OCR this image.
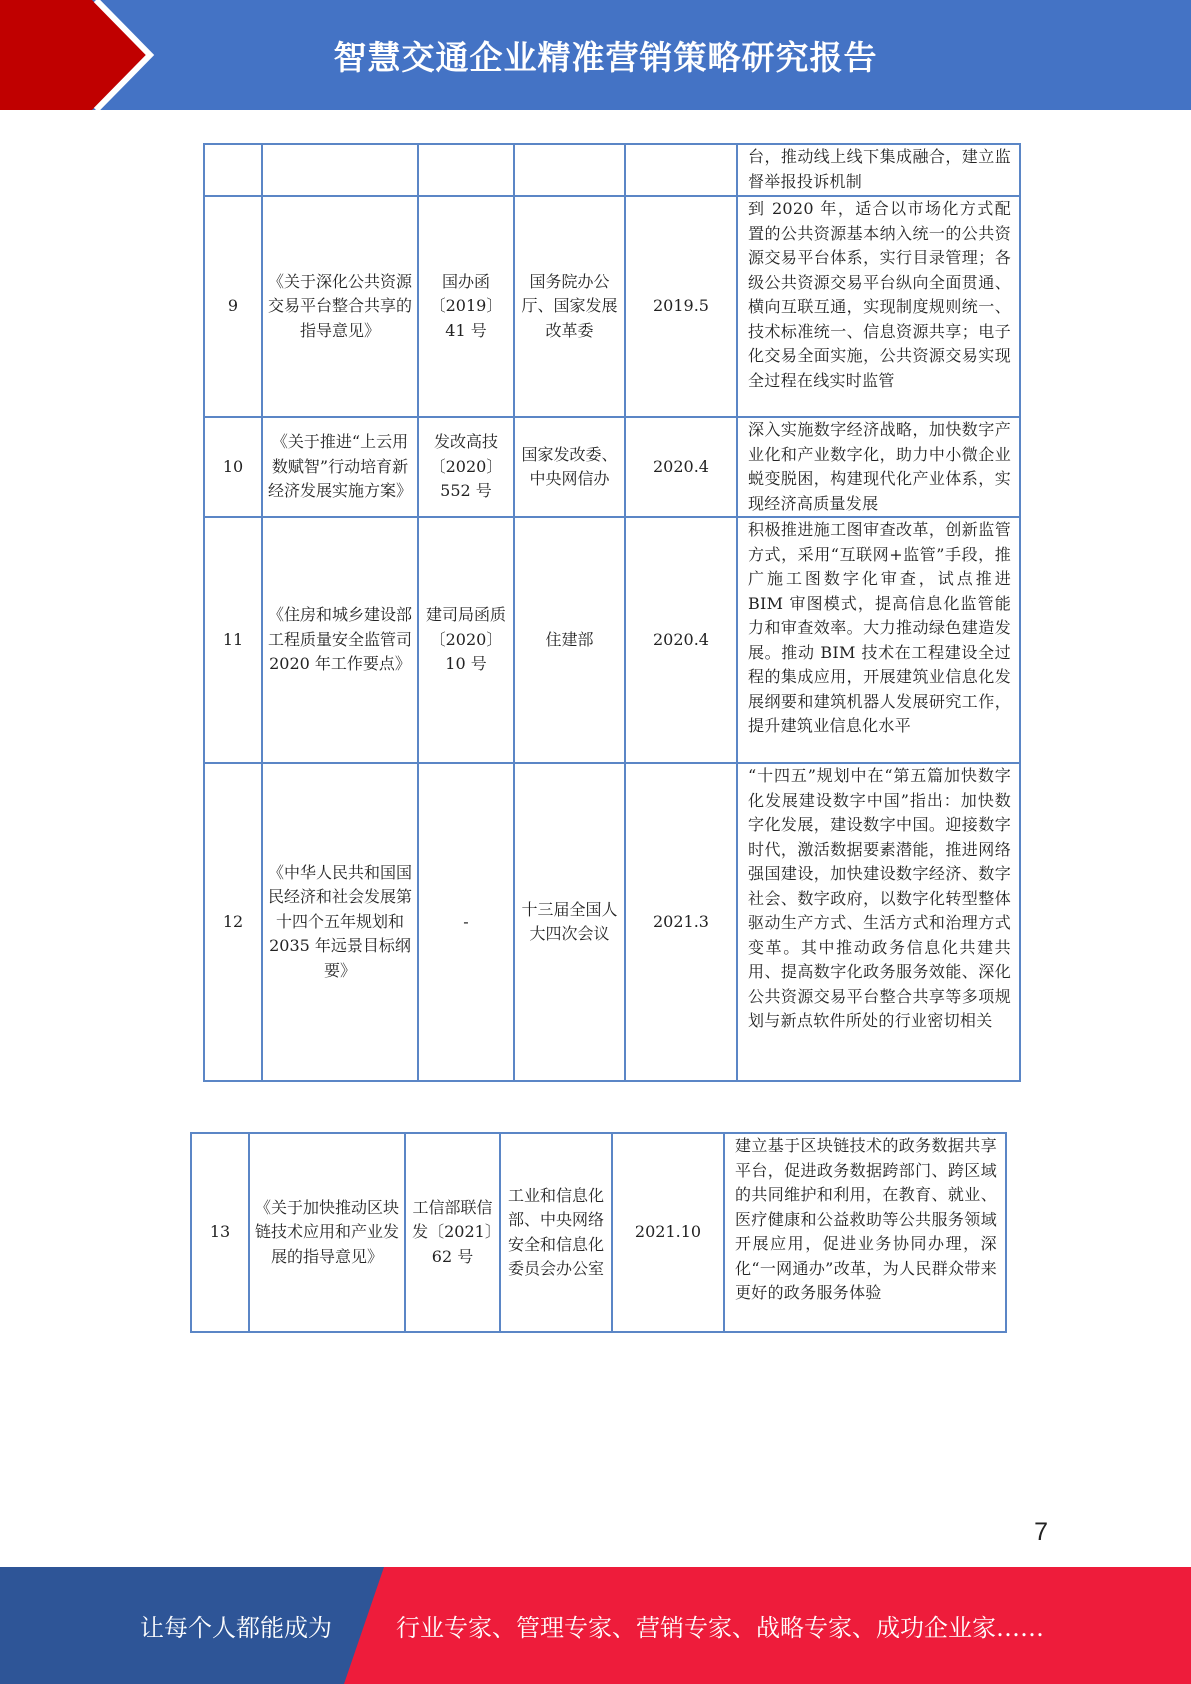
智慧交通企业精准营销策略研究报告
					台，推动线上线下集成融合，建立监督举报投诉机制
9	《关于深化公共资源交易平台整合共享的指导意见》	国办函〔2019〕41 号	国务院办公厅、国家发展改革委	2019.5	到 2020 年，适合以市场化方式配置的公共资源基本纳入统一的公共资源交易平台体系，实行目录管理；各级公共资源交易平台纵向全面贯通、横向互联互通，实现制度规则统一、技术标准统一、信息资源共享；电子化交易全面实施，公共资源交易实现全过程在线实时监管
10	《关于推进“上云用数赋智”行动培育新经济发展实施方案》	发改高技〔2020〕552 号	国家发改委、中央网信办	2020.4	深入实施数字经济战略，加快数字产业化和产业数字化，助力中小微企业蜕变脱困，构建现代化产业体系，实现经济高质量发展
11	《住房和城乡建设部工程质量安全监管司 2020 年工作要点》	建司局函质〔2020〕10 号	住建部	2020.4	积极推进施工图审查改革，创新监管方式，采用“互联网+监管”手段，推广施工图数字化审查，试点推进 BIM 审图模式，提高信息化监管能力和审查效率。大力推动绿色建造发展。推动 BIM 技术在工程建设全过程的集成应用，开展建筑业信息化发展纲要和建筑机器人发展研究工作，提升建筑业信息化水平
12	《中华人民共和国国民经济和社会发展第十四个五年规划和 2035 年远景目标纲要》	-	十三届全国人大四次会议	2021.3	“十四五”规划中在“第五篇加快数字化发展建设数字中国”指出：加快数字化发展，建设数字中国。迎接数字时代，激活数据要素潜能，推进网络强国建设，加快建设数字经济、数字社会、数字政府，以数字化转型整体驱动生产方式、生活方式和治理方式变革。其中推动政务信息化共建共用、提高数字化政务服务效能、深化公共资源交易平台整合共享等多项规划与新点软件所处的行业密切相关
13	《关于加快推动区块链技术应用和产业发展的指导意见》	工信部联信发〔2021〕62 号	工业和信息化部、中央网络安全和信息化委员会办公室	2021.10	建立基于区块链技术的政务数据共享平台，促进政务数据跨部门、跨区域的共同维护和利用，在教育、就业、医疗健康和公益救助等公共服务领域开展应用，促进业务协同办理，深化“一网通办”改革，为人民群众带来更好的政务服务体验
7
让每个人都能成为	行业专家、管理专家、营销专家、战略专家、成功企业家……
